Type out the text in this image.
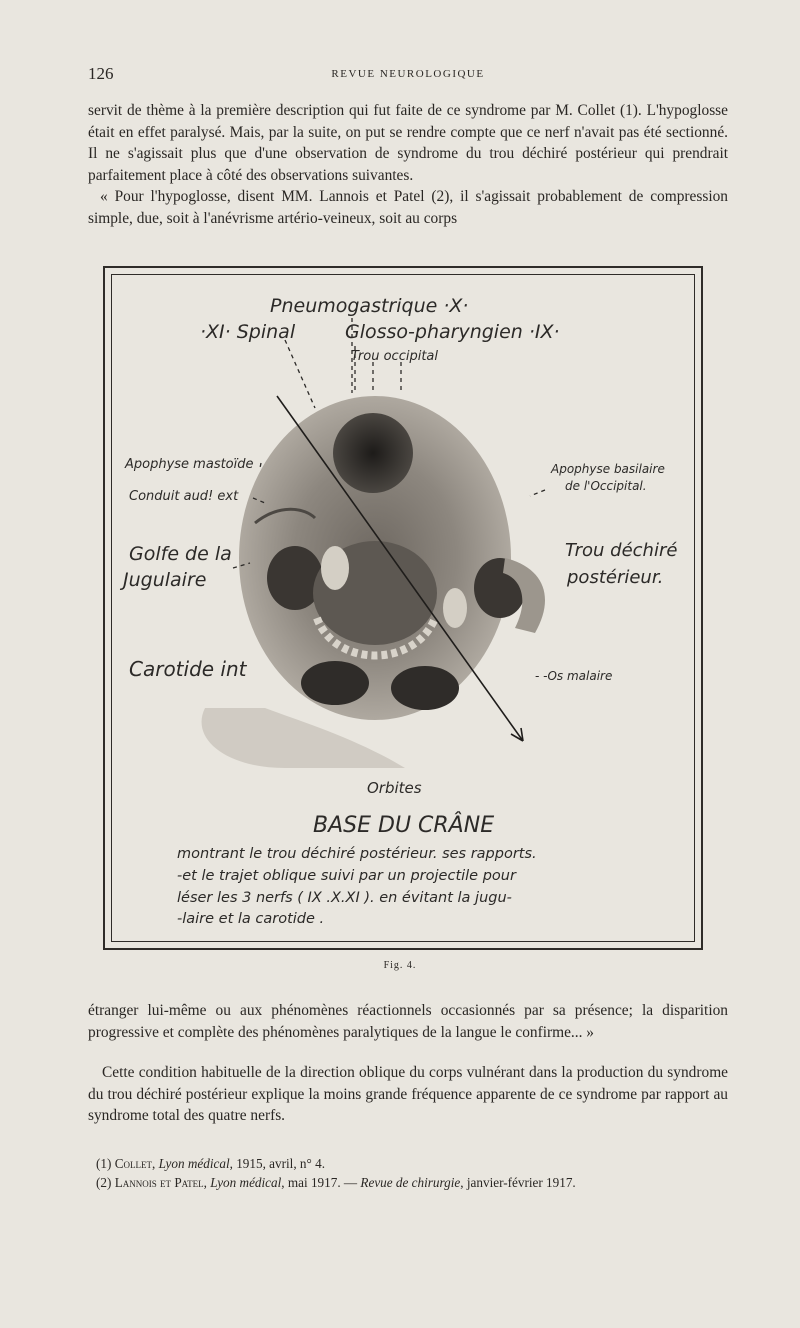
126	REVUE NEUROLOGIQUE

servit de thème à la première description qui fut faite de ce syndrome par M. Collet (1). L'hypoglosse était en effet paralysé. Mais, par la suite, on put se rendre compte que ce nerf n'avait pas été sectionné. Il ne s'agissait plus que d'une observation de syndrome du trou déchiré postérieur qui prendrait parfaitement place à côté des observations suivantes.

« Pour l'hypoglosse, disent MM. Lannois et Patel (2), il s'agissait probablement de compression simple, due, soit à l'anévrisme artério-veineux, soit au corps

Pneumogastrique ·X·
·XI· Spinal	Glosso-pharyngien ·IX·
Trou occipital
Apophyse mastoïde
Conduit aud! ext
Golfe de la
Jugulaire
Carotide int
Apophyse basilaire
de l'Occipital.
Trou déchiré
postérieur.
- -Os malaire
Orbites
BASE DU CRÂNE
montrant le trou déchiré postérieur. ses rapports.
-et le trajet oblique suivi par un projectile pour
léser les 3 nerfs ( IX .X.XI ). en évitant la jugu-
-laire et la carotide .
Fig. 4.

étranger lui-même ou aux phénomènes réactionnels occasionnés par sa présence; la disparition progressive et complète des phénomènes paralytiques de la langue le confirme... »

Cette condition habituelle de la direction oblique du corps vulnérant dans la production du syndrome du trou déchiré postérieur explique la moins grande fréquence apparente de ce syndrome par rapport au syndrome total des quatre nerfs.

(1) Collet, Lyon médical, 1915, avril, n° 4.
(2) Lannois et Patel, Lyon médical, mai 1917. — Revue de chirurgie, janvier-février 1917.
